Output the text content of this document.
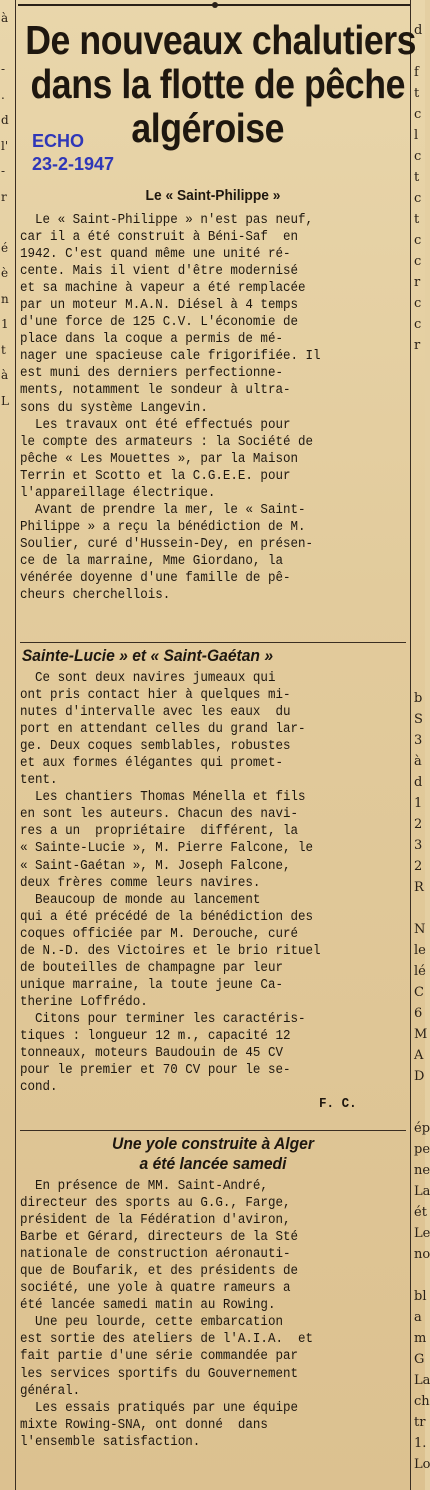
à

-
.
d
l'
-
r

é
è
n
1
t
à
L
d

f
t
c
l
c
t
c
t
c
c
r
c
c
r
b
S
3
à
d
1
2
3
2
R

N
le
lé
C
6
M
A
D
ép
pe
ne
La
ét
Le
no

bl
a
m
G
La
ch
tr
1.
Lo
De nouveaux chalutiers
dans la flotte de pêche
algéroise
ECHO
23-2-1947
Le « Saint-Philippe »
Le « Saint-Philippe » n'est pas neuf,
car il a été construit à Béni-Saf  en
1942. C'est quand même une unité ré-
cente. Mais il vient d'être modernisé
et sa machine à vapeur a été remplacée
par un moteur M.A.N. Diésel à 4 temps
d'une force de 125 C.V. L'économie de
place dans la coque a permis de mé-
nager une spacieuse cale frigorifiée. Il
est muni des derniers perfectionne-
ments, notamment le sondeur à ultra-
sons du système Langevin.
Les travaux ont été effectués pour
le compte des armateurs : la Société de
pêche « Les Mouettes », par la Maison
Terrin et Scotto et la C.G.E.E. pour
l'appareillage électrique.
Avant de prendre la mer, le « Saint-
Philippe » a reçu la bénédiction de M.
Soulier, curé d'Hussein-Dey, en présen-
ce de la marraine, Mme Giordano, la
vénérée doyenne d'une famille de pê-
cheurs cherchellois.
Sainte-Lucie » et « Saint-Gaétan »
Ce sont deux navires jumeaux qui
ont pris contact hier à quelques mi-
nutes d'intervalle avec les eaux  du
port en attendant celles du grand lar-
ge. Deux coques semblables, robustes
et aux formes élégantes qui promet-
tent.
Les chantiers Thomas Ménella et fils
en sont les auteurs. Chacun des navi-
res a un  propriétaire  différent, la
« Sainte-Lucie », M. Pierre Falcone, le
« Saint-Gaétan », M. Joseph Falcone,
deux frères comme leurs navires.
Beaucoup de monde au lancement
qui a été précédé de la bénédiction des
coques officiée par M. Derouche, curé
de N.-D. des Victoires et le brio rituel
de bouteilles de champagne par leur
unique marraine, la toute jeune Ca-
therine Loffrédo.
Citons pour terminer les caractéris-
tiques : longueur 12 m., capacité 12
tonneaux, moteurs Baudouin de 45 CV
pour le premier et 70 CV pour le se-
cond.
F. C.
Une yole construite à Alger
a été lancée samedi
En présence de MM. Saint-André,
directeur des sports au G.G., Farge,
président de la Fédération d'aviron,
Barbe et Gérard, directeurs de la Sté
nationale de construction aéronauti-
que de Boufarik, et des présidents de
société, une yole à quatre rameurs a
été lancée samedi matin au Rowing.
Une peu lourde, cette embarcation
est sortie des ateliers de l'A.I.A.  et
fait partie d'une série commandée par
les services sportifs du Gouvernement
général.
Les essais pratiqués par une équipe
mixte Rowing-SNA, ont donné  dans
l'ensemble satisfaction.
